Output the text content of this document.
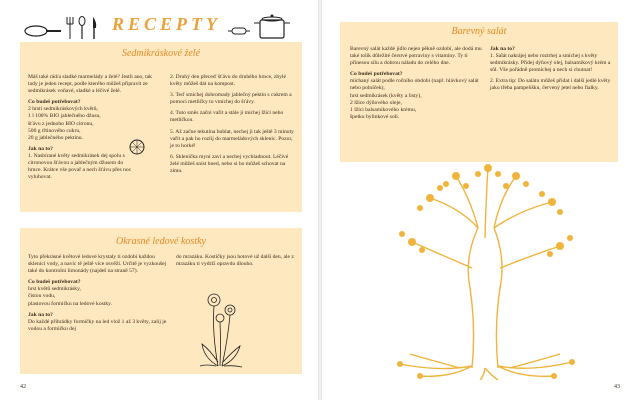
RECEPTY
Sedmikráskové želé

Máš také rád/a sladké marmelády a želé? Jestli ano, tak tady je jeden recept, podle kterého můžeš připravit ze sedmikrásek voňavé, sladké a léčivé želé.

Co budeš potřebovat?
2 hrsti sedmikráskových květů,
1 l 100% BIO jablečného džusu,
šťávu z jednoho BIO citronu,
500 g třtinového cukru,
20 g jablečného pektinu.
Jak na to?
1. Nasbírané květy sedmikrásek dej spolu s citronovou šťávou a jablečným džusem do hrnce. Krátce vše povař a nech šťávu přes noc vyluhovat.

2. Druhý den přeceď šťávu do druhého hrnce, zbylé květy můžeš dát na kompost.

3. Teď smíchej dohromady jablečný pektin s cukrem a pomoci metličky to vmíchej do šťávy.

4. Tuto směs začni vařit a stále ji míchej lžící nebo metličkou.

5. Až začne tekutina bublat, nechej ji tak ještě 3 minuty vařit a pak ho rozlij do marmeládových sklenic. Pozor, je to horké!

6. Sklenička myní zaví a nechej vychladnout. Léčivé želé můžeš sníst hned, nebo si ho můžeš schovat na zimu.

Okrasné ledové kostky

Tyto překrásné květové ledové krystaly ti ozdobí každou sklenici vody, a navíc tě ještě více osvěží. Určitě je vyzkoušej také do kontrolní limonády (najdeš na straně 57).

Co budeš potřebovat?
hrst květů sedmikrásky,
čistou vodu,
plastovou formičku na ledové kostky.
Jak na to?
Do každé přihrádky formičky na led vlož 1 až 3 květy, zalij je vodou a formičku dej

do mrazáku. Kostičky jsou hotové už další den, ale z mrazáku ti vydrží opravdu dlouho.

42
Barevný salát

Barevný salát každé jídlo nejen pěkně ozdobí, ale dodá mu také tolik důležité čerstvé potraviny s vitamíny. Ty ti přinesou sílu a dobrou náladu do celého dne.

Co budeš potřebovat?
míchaný salát podle ročního období (např. hlávkový salát nebo polníček),
hrst sedmikrásek (květy a listy),
2 lžíce dýňového oleje,
1 lžíci balsamikového krému,
špetku bylinkové soli.
Jak na to?

1. Salát nakrájej nebo roztrhej a smíchej s květy sedmikrásky. Přidej dýňový olej, balsamikový krém a sůl. Vše pořádně promíchej a nech si chutnat!

2. Extra tip: Do salátu můžeš přidat i další jedlé květy jako třeba pampelišku, červený jetel nebo fialky.

43
